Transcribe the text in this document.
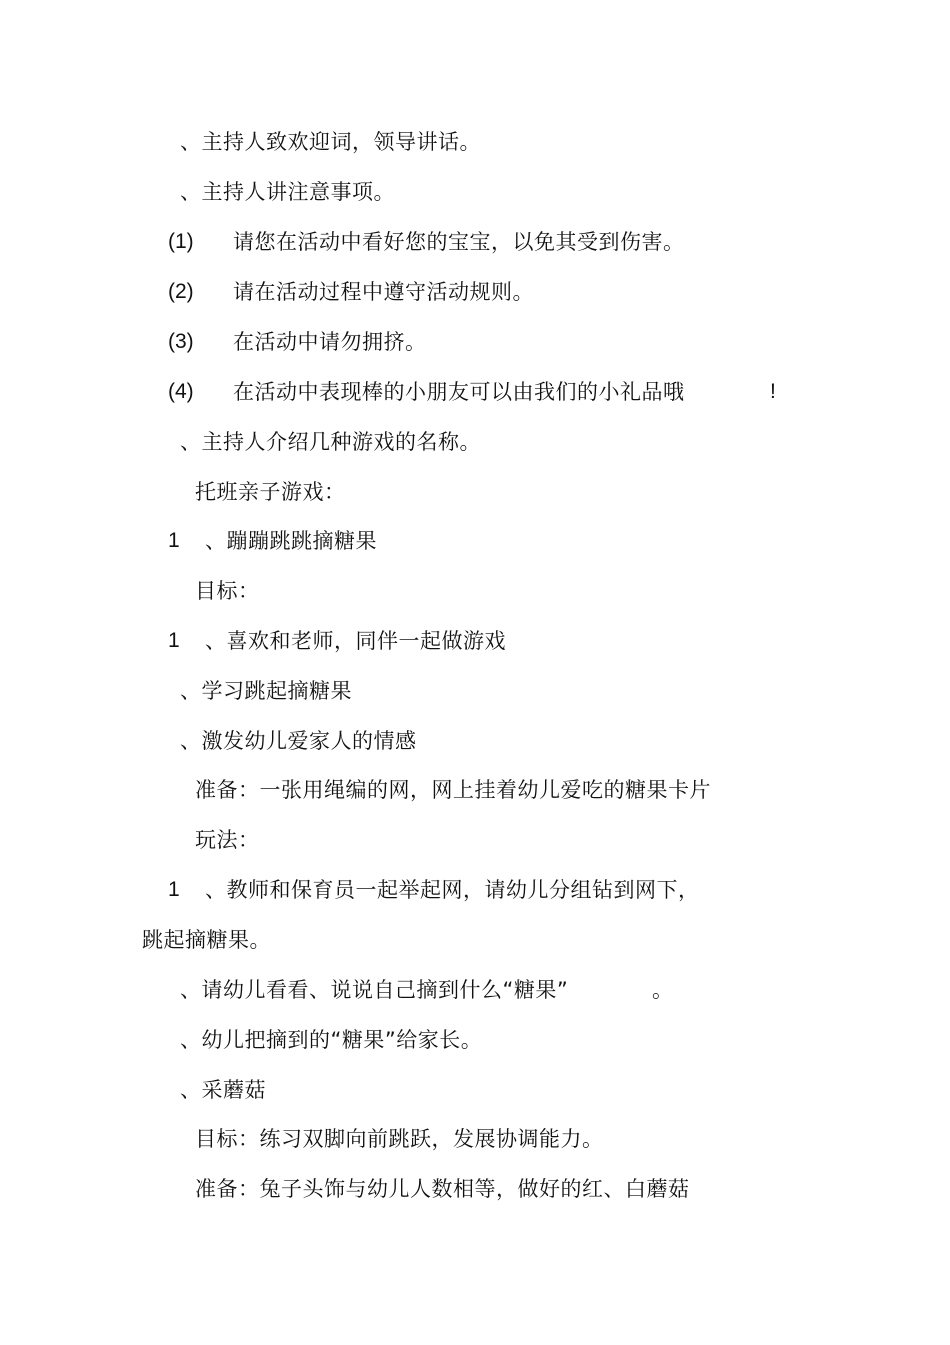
、主持人致欢迎词，领导讲话。
、主持人讲注意事项。
(1) 请您在活动中看好您的宝宝，以免其受到伤害。
(2) 请在活动过程中遵守活动规则。
(3) 在活动中请勿拥挤。
(4) 在活动中表现棒的小朋友可以由我们的小礼品哦	!
、主持人介绍几种游戏的名称。
托班亲子游戏：
1 、蹦蹦跳跳摘糖果
目标：
1 、喜欢和老师，同伴一起做游戏
、学习跳起摘糖果
、激发幼儿爱家人的情感
准备：一张用绳编的网，网上挂着幼儿爱吃的糖果卡片
玩法：
1 、教师和保育员一起举起网，请幼儿分组钻到网下，
跳起摘糖果。
、请幼儿看看、说说自己摘到什么“糖果”	。
、幼儿把摘到的“糖果”给家长。
、采蘑菇
目标：练习双脚向前跳跃，发展协调能力。
准备：兔子头饰与幼儿人数相等，做好的红、白蘑菇
